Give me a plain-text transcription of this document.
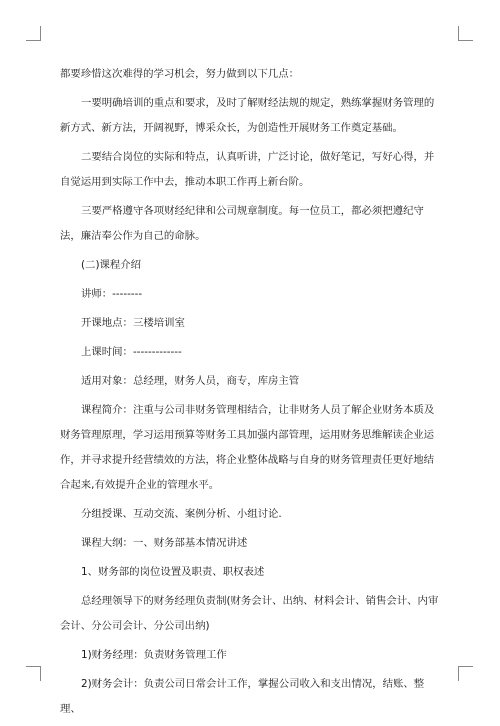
都要珍惜这次难得的学习机会，努力做到以下几点：

一要明确培训的重点和要求，及时了解财经法规的规定，熟练掌握财务管理的新方式、新方法，开阔视野，博采众长，为创造性开展财务工作奠定基础。

二要结合岗位的实际和特点，认真听讲，广泛讨论，做好笔记，写好心得，并自觉运用到实际工作中去，推动本职工作再上新台阶。

三要严格遵守各项财经纪律和公司规章制度。每一位员工，都必须把遵纪守法，廉洁奉公作为自己的命脉。

(二)课程介绍

讲师：--------

开课地点：三楼培训室

上课时间：-------------

适用对象：总经理，财务人员，商专，库房主管

课程简介：注重与公司非财务管理相结合，让非财务人员了解企业财务本质及财务管理原理，学习运用预算等财务工具加强内部管理，运用财务思维解读企业运作，并寻求提升经营绩效的方法，将企业整体战略与自身的财务管理责任更好地结合起来,有效提升企业的管理水平。

分组授课、互动交流、案例分析、小组讨论.

课程大纲：一、财务部基本情况讲述

1、财务部的岗位设置及职责、职权表述

总经理领导下的财务经理负责制(财务会计、出纳、材料会计、销售会计、内审会计、分公司会计、分公司出纳)

1)财务经理：负责财务管理工作

2)财务会计：负责公司日常会计工作，掌握公司收入和支出情况，结账、整理、
